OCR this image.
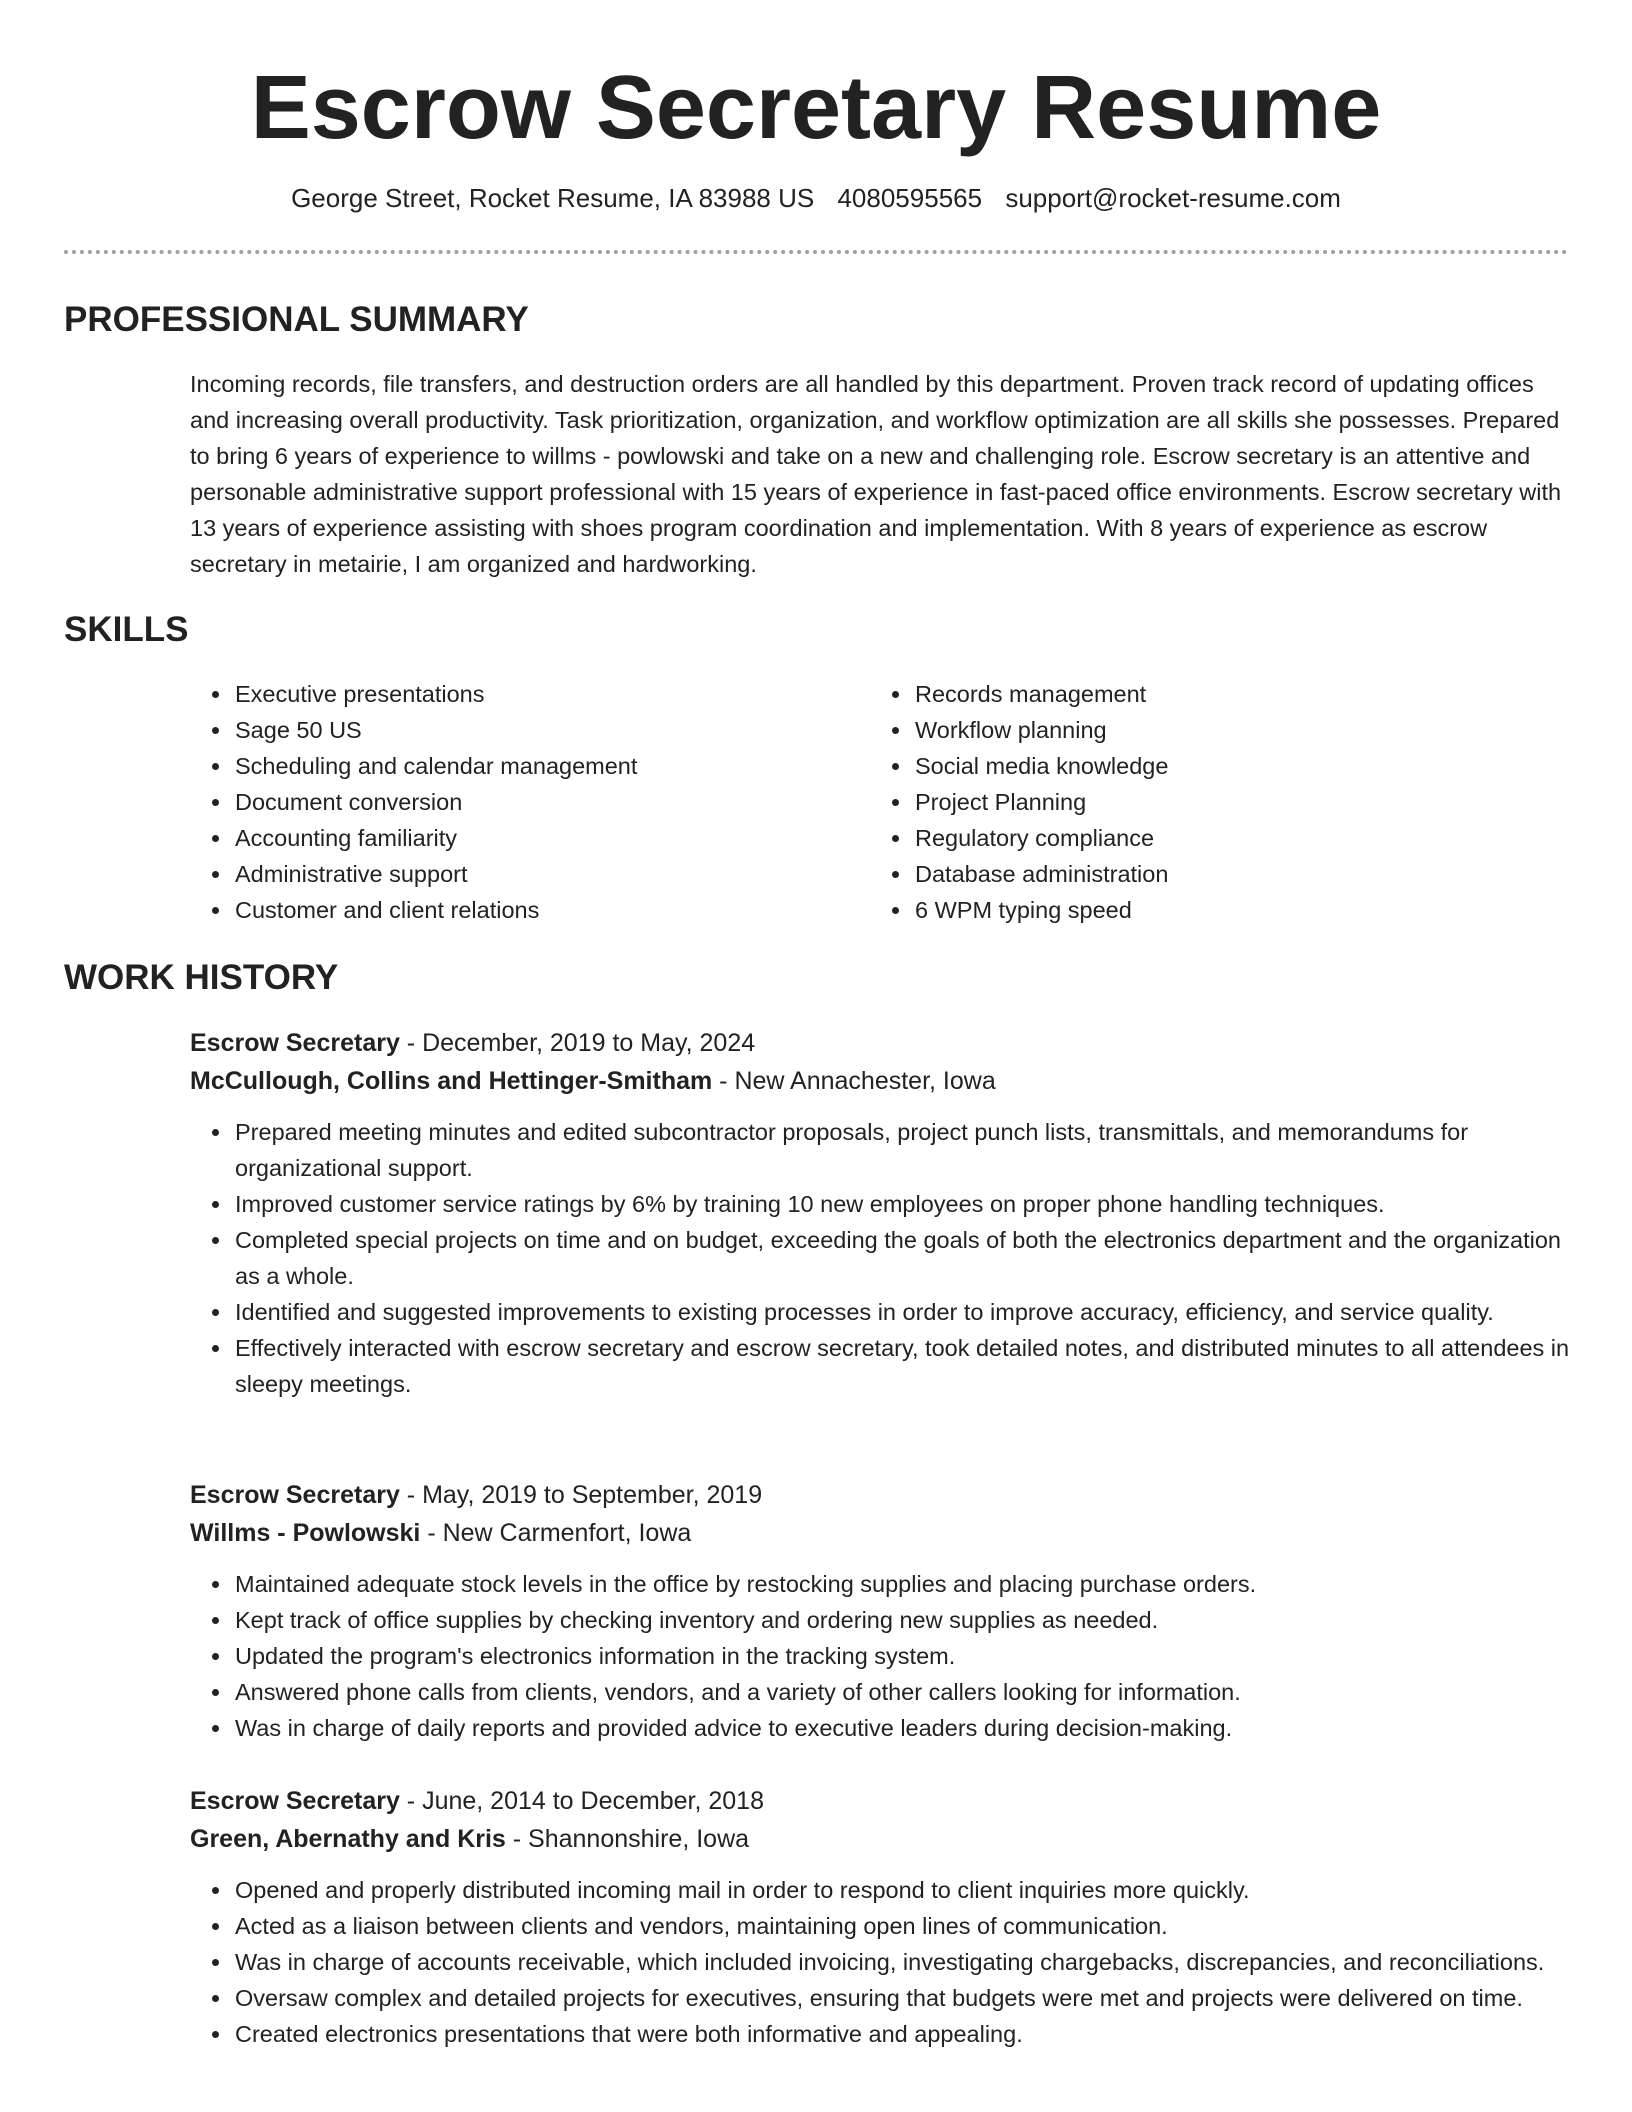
Escrow Secretary Resume
George Street, Rocket Resume, IA 83988 US 4080595565 support@rocket-resume.com
PROFESSIONAL SUMMARY

Incoming records, file transfers, and destruction orders are all handled by this department. Proven track record of updating offices and increasing overall productivity. Task prioritization, organization, and workflow optimization are all skills she possesses. Prepared to bring 6 years of experience to willms - powlowski and take on a new and challenging role. Escrow secretary is an attentive and personable administrative support professional with 15 years of experience in fast-paced office environments. Escrow secretary with 13 years of experience assisting with shoes program coordination and implementation. With 8 years of experience as escrow secretary in metairie, I am organized and hardworking.

SKILLS
• Executive presentations
• Sage 50 US
• Scheduling and calendar management
• Document conversion
• Accounting familiarity
• Administrative support
• Customer and client relations
• Records management
• Workflow planning
• Social media knowledge
• Project Planning
• Regulatory compliance
• Database administration
• 6 WPM typing speed
WORK HISTORY
Escrow Secretary - December, 2019 to May, 2024
McCullough, Collins and Hettinger-Smitham - New Annachester, Iowa
• Prepared meeting minutes and edited subcontractor proposals, project punch lists, transmittals, and memorandums for organizational support.
• Improved customer service ratings by 6% by training 10 new employees on proper phone handling techniques.
• Completed special projects on time and on budget, exceeding the goals of both the electronics department and the organization as a whole.
• Identified and suggested improvements to existing processes in order to improve accuracy, efficiency, and service quality.
• Effectively interacted with escrow secretary and escrow secretary, took detailed notes, and distributed minutes to all attendees in sleepy meetings.
Escrow Secretary - May, 2019 to September, 2019
Willms - Powlowski - New Carmenfort, Iowa
• Maintained adequate stock levels in the office by restocking supplies and placing purchase orders.
• Kept track of office supplies by checking inventory and ordering new supplies as needed.
• Updated the program's electronics information in the tracking system.
• Answered phone calls from clients, vendors, and a variety of other callers looking for information.
• Was in charge of daily reports and provided advice to executive leaders during decision-making.
Escrow Secretary - June, 2014 to December, 2018
Green, Abernathy and Kris - Shannonshire, Iowa
• Opened and properly distributed incoming mail in order to respond to client inquiries more quickly.
• Acted as a liaison between clients and vendors, maintaining open lines of communication.
• Was in charge of accounts receivable, which included invoicing, investigating chargebacks, discrepancies, and reconciliations.
• Oversaw complex and detailed projects for executives, ensuring that budgets were met and projects were delivered on time.
• Created electronics presentations that were both informative and appealing.
